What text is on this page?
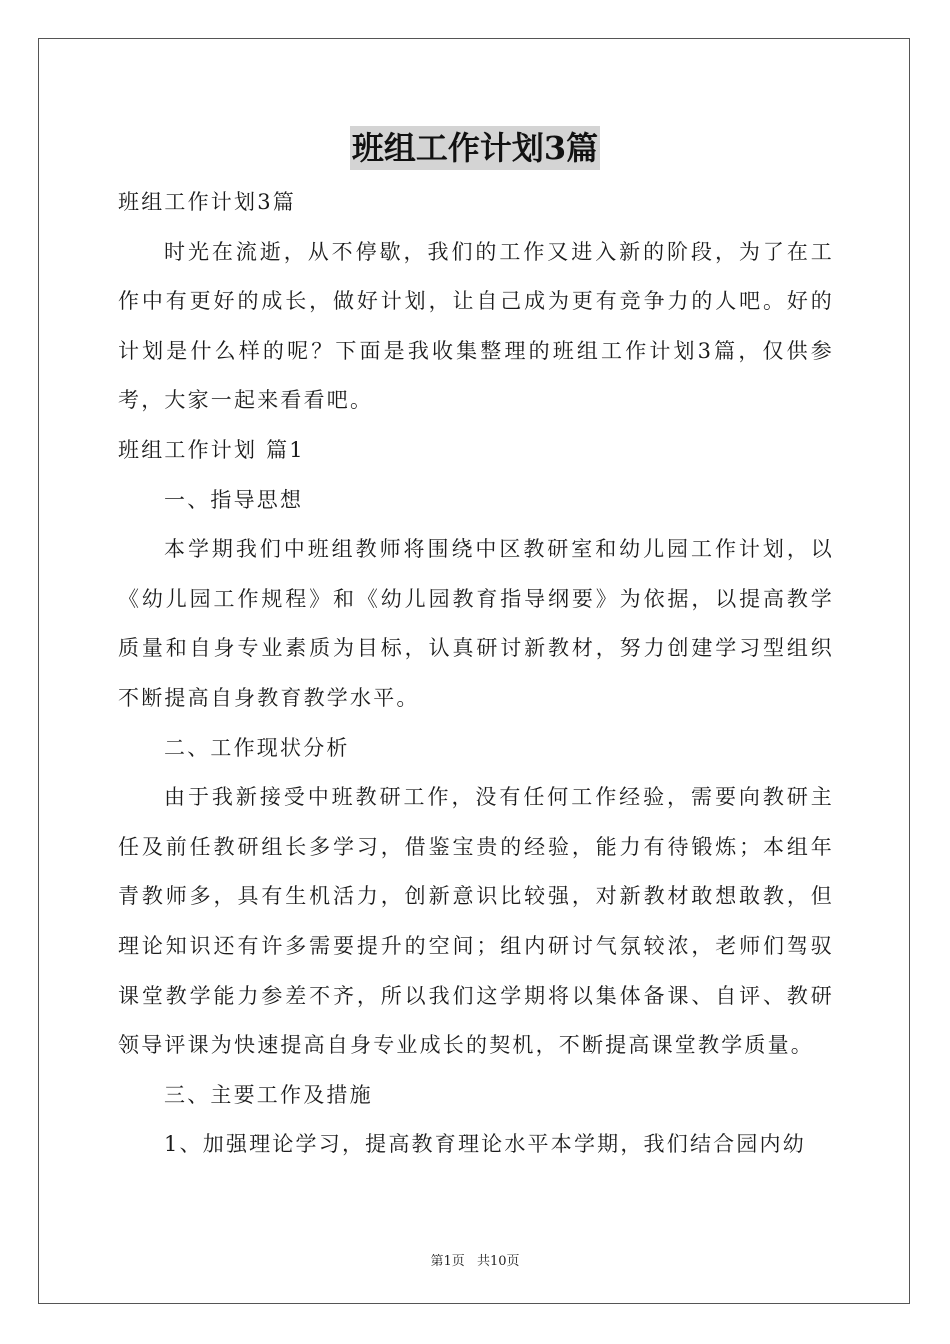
班组工作计划3篇
班组工作计划3篇

时光在流逝，从不停歇，我们的工作又进入新的阶段，为了在工作中有更好的成长，做好计划，让自己成为更有竞争力的人吧。好的计划是什么样的呢？下面是我收集整理的班组工作计划3篇，仅供参考，大家一起来看看吧。

班组工作计划 篇1
一、指导思想

本学期我们中班组教师将围绕中区教研室和幼儿园工作计划，以《幼儿园工作规程》和《幼儿园教育指导纲要》为依据，以提高教学质量和自身专业素质为目标，认真研讨新教材，努力创建学习型组织不断提高自身教育教学水平。

二、工作现状分析

由于我新接受中班教研工作，没有任何工作经验，需要向教研主任及前任教研组长多学习，借鉴宝贵的经验，能力有待锻炼；本组年青教师多，具有生机活力，创新意识比较强，对新教材敢想敢教，但理论知识还有许多需要提升的空间；组内研讨气氛较浓，老师们驾驭课堂教学能力参差不齐，所以我们这学期将以集体备课、自评、教研领导评课为快速提高自身专业成长的契机，不断提高课堂教学质量。

三、主要工作及措施
1、加强理论学习，提高教育理论水平本学期，我们结合园内幼
第1页 共10页
